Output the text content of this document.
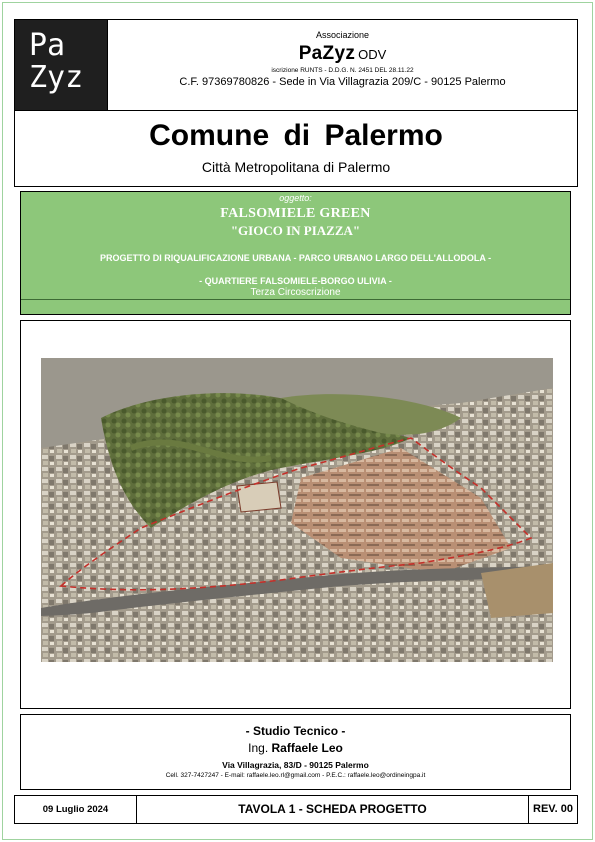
Pa
Zyz
Associazione
PaZyz ODV
iscrizione RUNTS - D.D.G. N. 2451 DEL 28.11.22
C.F. 97369780826 - Sede in Via Villagrazia 209/C - 90125 Palermo
Comune di Palermo
Città Metropolitana di Palermo
oggetto:
FALSOMIELE GREEN
"GIOCO IN PIAZZA"
PROGETTO DI RIQUALIFICAZIONE URBANA - PARCO URBANO LARGO DELL'ALLODOLA -
- QUARTIERE FALSOMIELE-BORGO ULIVIA -
Terza Circoscrizione
- Studio Tecnico -
Ing. Raffaele Leo
Via Villagrazia, 83/D - 90125 Palermo
Cell. 327-7427247 - E-mail: raffaele.leo.rl@gmail.com - P.E.C.: raffaele.leo@ordineingpa.it
09 Luglio 2024	TAVOLA 1 - SCHEDA PROGETTO	REV. 00
